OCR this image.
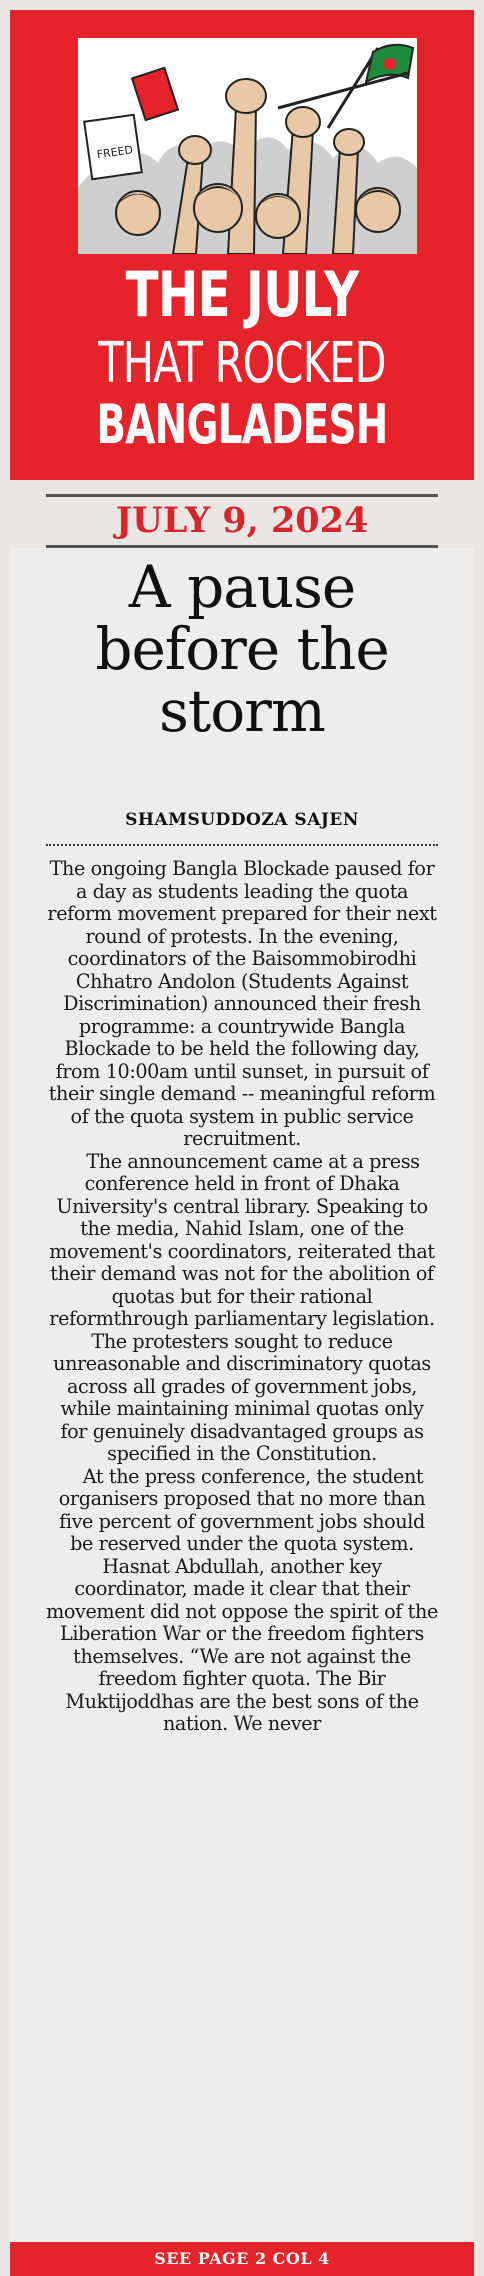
FREED
THE JULY
THAT ROCKED
BANGLADESH
JULY 9, 2024
A pause
before the
storm
SHAMSUDDOZA SAJEN

The ongoing Bangla Blockade paused for a day as students leading the quota reform movement prepared for their next round of protests. In the evening, coordinators of the Baisommobirodhi Chhatro Andolon (Students Against Discrimination) announced their fresh programme: a countrywide Bangla Blockade to be held the following day, from 10:00am until sunset, in pursuit of their single demand -- meaningful reform of the quota system in public service recruitment.

The announcement came at a press conference held in front of Dhaka University's central library. Speaking to the media, Nahid Islam, one of the movement's coordinators, reiterated that their demand was not for the abolition of quotas but for their rational reformthrough parliamentary legislation. The protesters sought to reduce unreasonable and discriminatory quotas across all grades of government jobs, while maintaining minimal quotas only for genuinely disadvantaged groups as specified in the Constitution.

At the press conference, the student organisers proposed that no more than five percent of government jobs should be reserved under the quota system. Hasnat Abdullah, another key coordinator, made it clear that their movement did not oppose the spirit of the Liberation War or the freedom fighters themselves. “We are not against the freedom fighter quota. The Bir Muktijoddhas are the best sons of the nation. We never

SEE PAGE 2 COL 4
